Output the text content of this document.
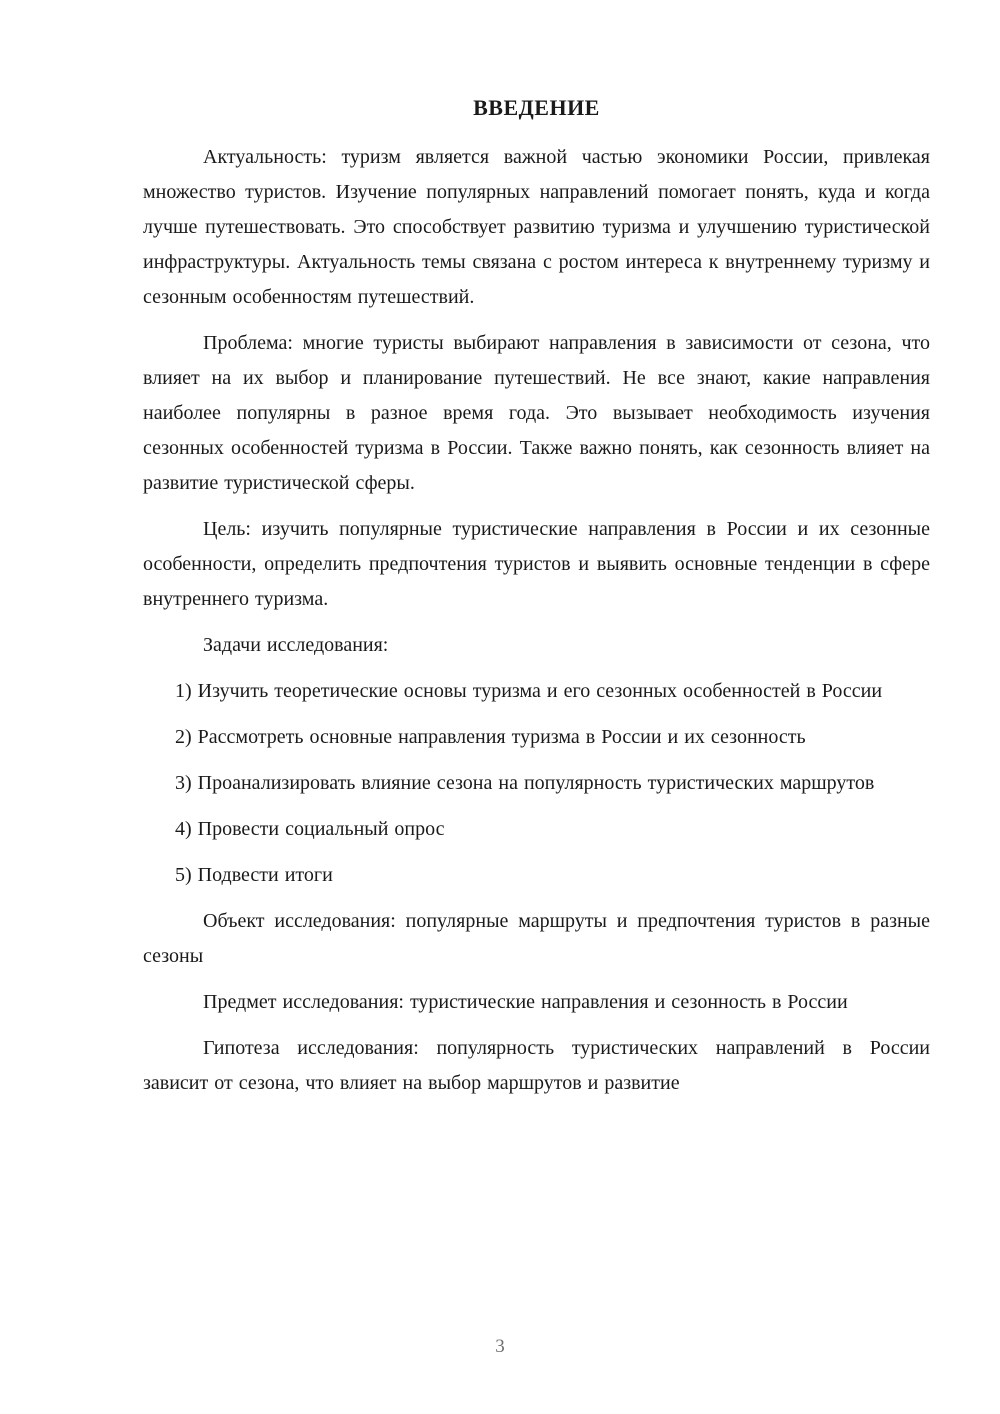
ВВЕДЕНИЕ

Актуальность: туризм является важной частью экономики России, привлекая множество туристов. Изучение популярных направлений помогает понять, куда и когда лучше путешествовать. Это способствует развитию туризма и улучшению туристической инфраструктуры. Актуальность темы связана с ростом интереса к внутреннему туризму и сезонным особенностям путешествий.

Проблема: многие туристы выбирают направления в зависимости от сезона, что влияет на их выбор и планирование путешествий. Не все знают, какие направления наиболее популярны в разное время года. Это вызывает необходимость изучения сезонных особенностей туризма в России. Также важно понять, как сезонность влияет на развитие туристической сферы.

Цель: изучить популярные туристические направления в России и их сезонные особенности, определить предпочтения туристов и выявить основные тенденции в сфере внутреннего туризма.

Задачи исследования:

1) Изучить теоретические основы туризма и его сезонных особенностей в России

2) Рассмотреть основные направления туризма в России и их сезонность

3) Проанализировать влияние сезона на популярность туристических маршрутов

4) Провести социальный опрос

5) Подвести итоги

Объект исследования: популярные маршруты и предпочтения туристов в разные сезоны

Предмет исследования: туристические направления и сезонность в России

Гипотеза исследования: популярность туристических направлений в России зависит от сезона, что влияет на выбор маршрутов и развитие

3
